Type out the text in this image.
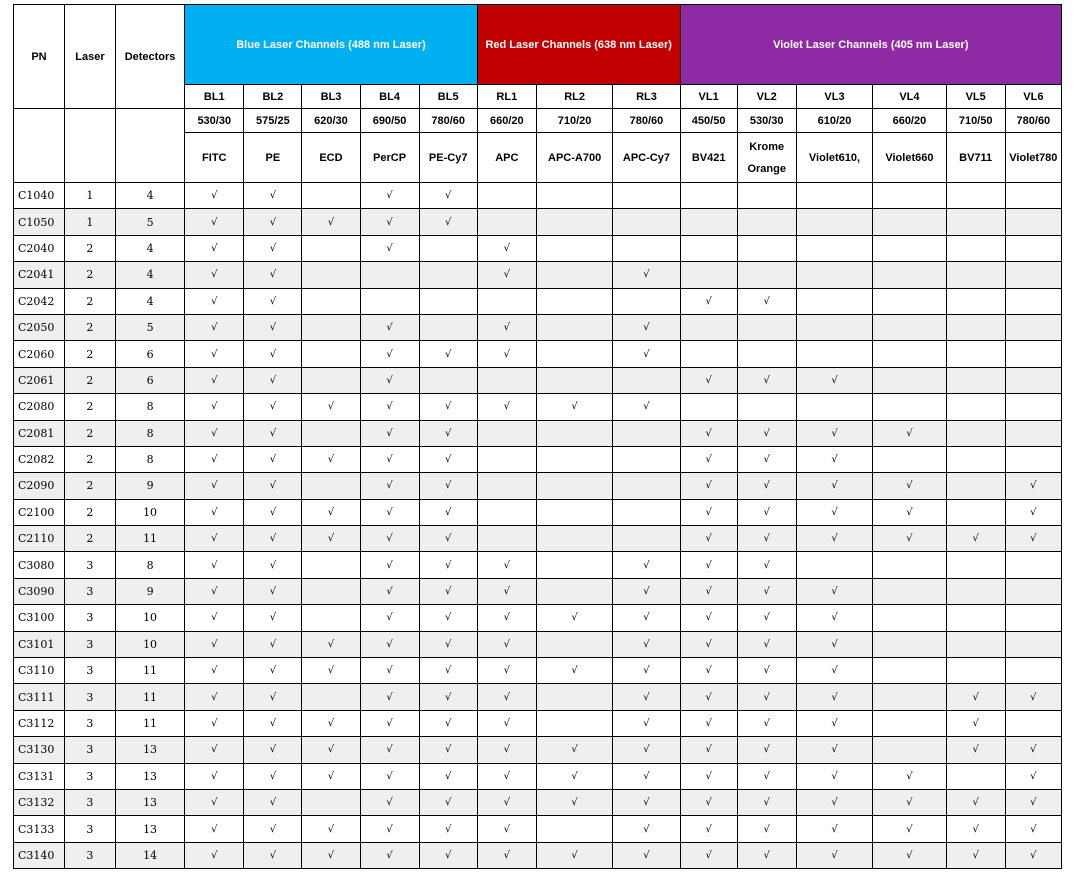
PN	Laser	Detectors	Blue Laser Channels (488 nm Laser)					Red Laser Channels (638 nm Laser)			Violet Laser Channels (405 nm Laser)					
			BL1	BL2	BL3	BL4	BL5	RL1	RL2	RL3	VL1	VL2	VL3	VL4	VL5	VL6
			530/30	575/25	620/30	690/50	780/60	660/20	710/20	780/60	450/50	530/30	610/20	660/20	710/50	780/60
			FITC	PE	ECD	PerCP	PE-Cy7	APC	APC-A700	APC-Cy7	BV421	Krome Orange	Violet610,	Violet660	BV711	Violet780
C1040	1	4	√	√		√	√									
C1050	1	5	√	√	√	√	√									
C2040	2	4	√	√		√		√								
C2041	2	4	√	√				√		√						
C2042	2	4	√	√							√	√				
C2050	2	5	√	√		√		√		√						
C2060	2	6	√	√		√	√	√		√						
C2061	2	6	√	√		√					√	√	√			
C2080	2	8	√	√	√	√	√	√	√	√						
C2081	2	8	√	√		√	√				√	√	√	√		
C2082	2	8	√	√	√	√	√				√	√	√			
C2090	2	9	√	√		√	√				√	√	√	√		√
C2100	2	10	√	√	√	√	√				√	√	√	√		√
C2110	2	11	√	√	√	√	√				√	√	√	√	√	√
C3080	3	8	√	√		√	√	√		√	√	√				
C3090	3	9	√	√		√	√	√		√	√	√	√			
C3100	3	10	√	√		√	√	√	√	√	√	√	√			
C3101	3	10	√	√	√	√	√	√		√	√	√	√			
C3110	3	11	√	√	√	√	√	√	√	√	√	√	√			
C3111	3	11	√	√		√	√	√		√	√	√	√		√	√
C3112	3	11	√	√	√	√	√	√		√	√	√	√		√	
C3130	3	13	√	√	√	√	√	√	√	√	√	√	√		√	√
C3131	3	13	√	√	√	√	√	√	√	√	√	√	√	√		√
C3132	3	13	√	√		√	√	√	√	√	√	√	√	√	√	√
C3133	3	13	√	√	√	√	√	√		√	√	√	√	√	√	√
C3140	3	14	√	√	√	√	√	√	√	√	√	√	√	√	√	√
